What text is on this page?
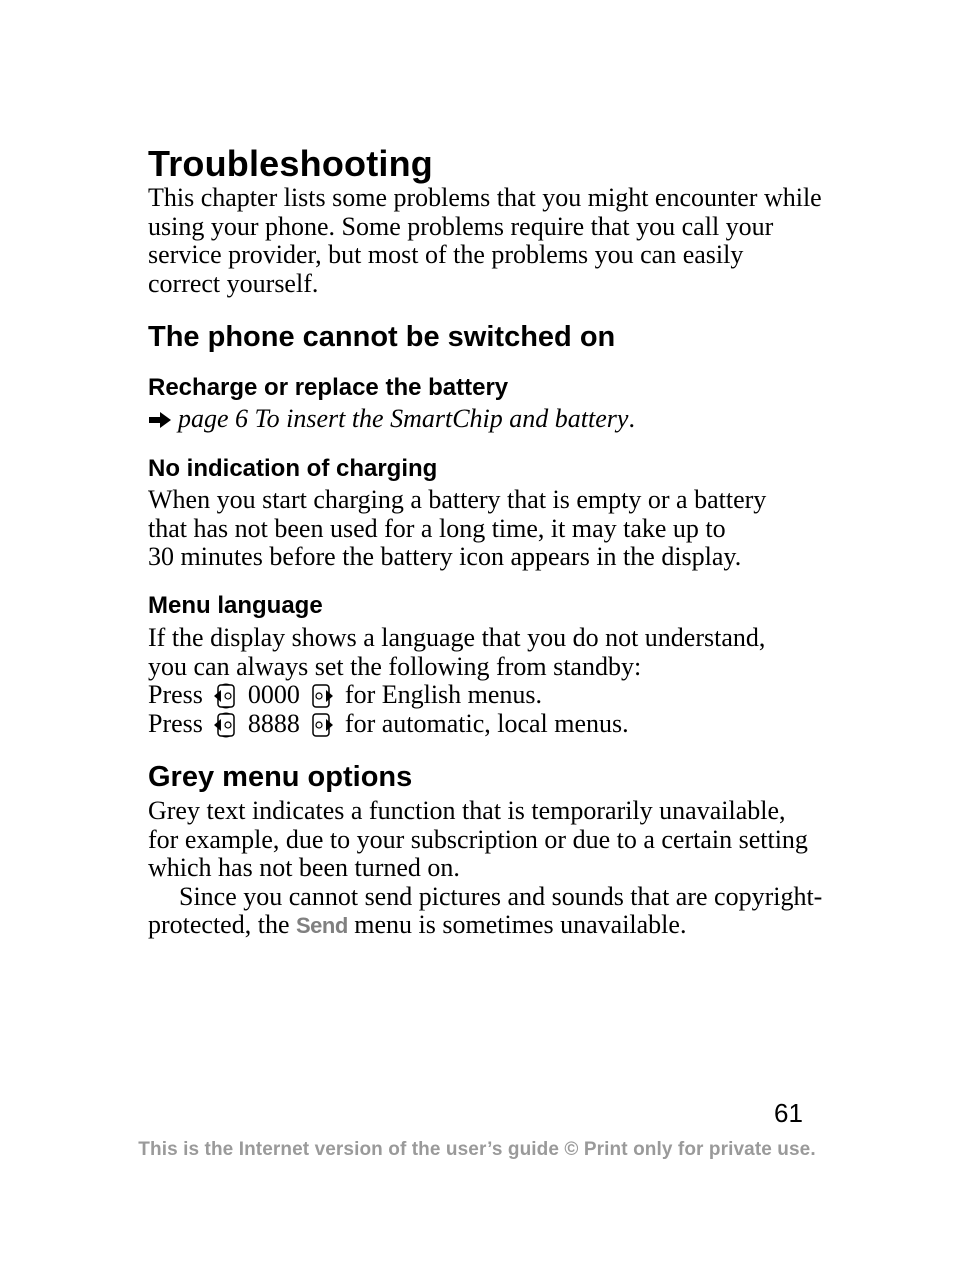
Troubleshooting
This chapter lists some problems that you might encounter while
using your phone. Some problems require that you call your
service provider, but most of the problems you can easily
correct yourself.
The phone cannot be switched on
Recharge or replace the battery
page 6 To insert the SmartChip and battery.
No indication of charging
When you start charging a battery that is empty or a battery
that has not been used for a long time, it may take up to
30 minutes before the battery icon appears in the display.
Menu language
If the display shows a language that you do not understand,
you can always set the following from standby:
Press 0000 for English menus.
Press 8888 for automatic, local menus.
Grey menu options
Grey text indicates a function that is temporarily unavailable,
for example, due to your subscription or due to a certain setting
which has not been turned on.
Since you cannot send pictures and sounds that are copyright-
protected, the Send menu is sometimes unavailable.
61
This is the Internet version of the user’s guide © Print only for private use.
